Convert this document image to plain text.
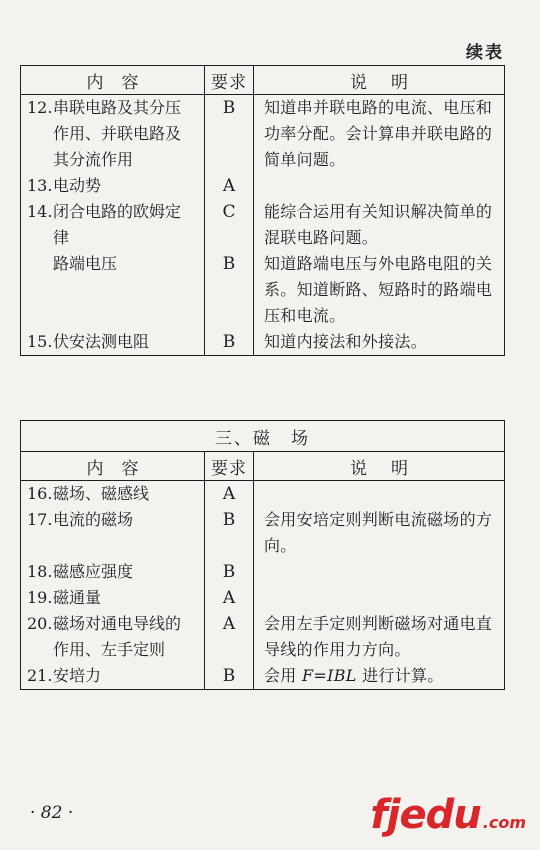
续表
内容	要求	说明
12.串联电路及其分压
作用、并联电路及
其分流作用	B	知道串并联电路的电流、电压和功率分配。会计算串并联电路的简单问题。
13.电动势	A	
14.闭合电路的欧姆定
律	C	能综合运用有关知识解决简单的混联电路问题。
路端电压	B	知道路端电压与外电路电阻的关系。知道断路、短路时的路端电压和电流。
15.伏安法测电阻	B	知道内接法和外接法。
三、磁　场		
内容	要求	说明
16.磁场、磁感线	A	
17.电流的磁场	B	会用安培定则判断电流磁场的方向。
18.磁感应强度	B	
19.磁通量	A	
20.磁场对通电导线的
作用、左手定则	A	会用左手定则判断磁场对通电直导线的作用力方向。
21.安培力	B	会用 F=IBL 进行计算。
· 82 ·	fjedu .com
